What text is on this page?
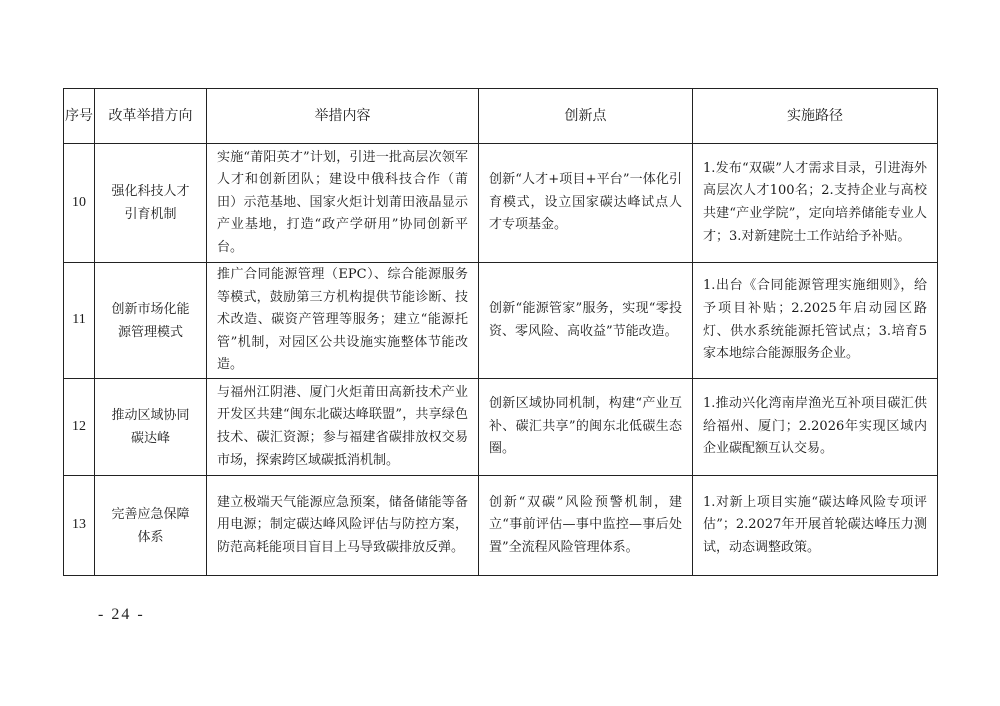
序号	改革举措方向	举措内容	创新点	实施路径
10	强化科技人才引育机制	实施“莆阳英才”计划，引进一批高层次领军人才和创新团队；建设中俄科技合作（莆田）示范基地、国家火炬计划莆田液晶显示产业基地，打造“政产学研用”协同创新平台。	创新“人才+项目+平台”一体化引育模式，设立国家碳达峰试点人才专项基金。	1.发布“双碳”人才需求目录，引进海外高层次人才100名；2.支持企业与高校共建“产业学院”，定向培养储能专业人才；3.对新建院士工作站给予补贴。
11	创新市场化能源管理模式	推广合同能源管理（EPC）、综合能源服务等模式，鼓励第三方机构提供节能诊断、技术改造、碳资产管理等服务；建立“能源托管”机制，对园区公共设施实施整体节能改造。	创新“能源管家”服务，实现“零投资、零风险、高收益”节能改造。	1.出台《合同能源管理实施细则》，给予项目补贴；2.2025年启动园区路灯、供水系统能源托管试点；3.培育5家本地综合能源服务企业。
12	推动区域协同碳达峰	与福州江阴港、厦门火炬莆田高新技术产业开发区共建“闽东北碳达峰联盟”，共享绿色技术、碳汇资源；参与福建省碳排放权交易市场，探索跨区域碳抵消机制。	创新区域协同机制，构建“产业互补、碳汇共享”的闽东北低碳生态圈。	1.推动兴化湾南岸渔光互补项目碳汇供给福州、厦门；2.2026年实现区域内企业碳配额互认交易。
13	完善应急保障体系	建立极端天气能源应急预案，储备储能等备用电源；制定碳达峰风险评估与防控方案，防范高耗能项目盲目上马导致碳排放反弹。	创新“双碳”风险预警机制，建立“事前评估—事中监控—事后处置”全流程风险管理体系。	1.对新上项目实施“碳达峰风险专项评估”；2.2027年开展首轮碳达峰压力测试，动态调整政策。
- 24 -
